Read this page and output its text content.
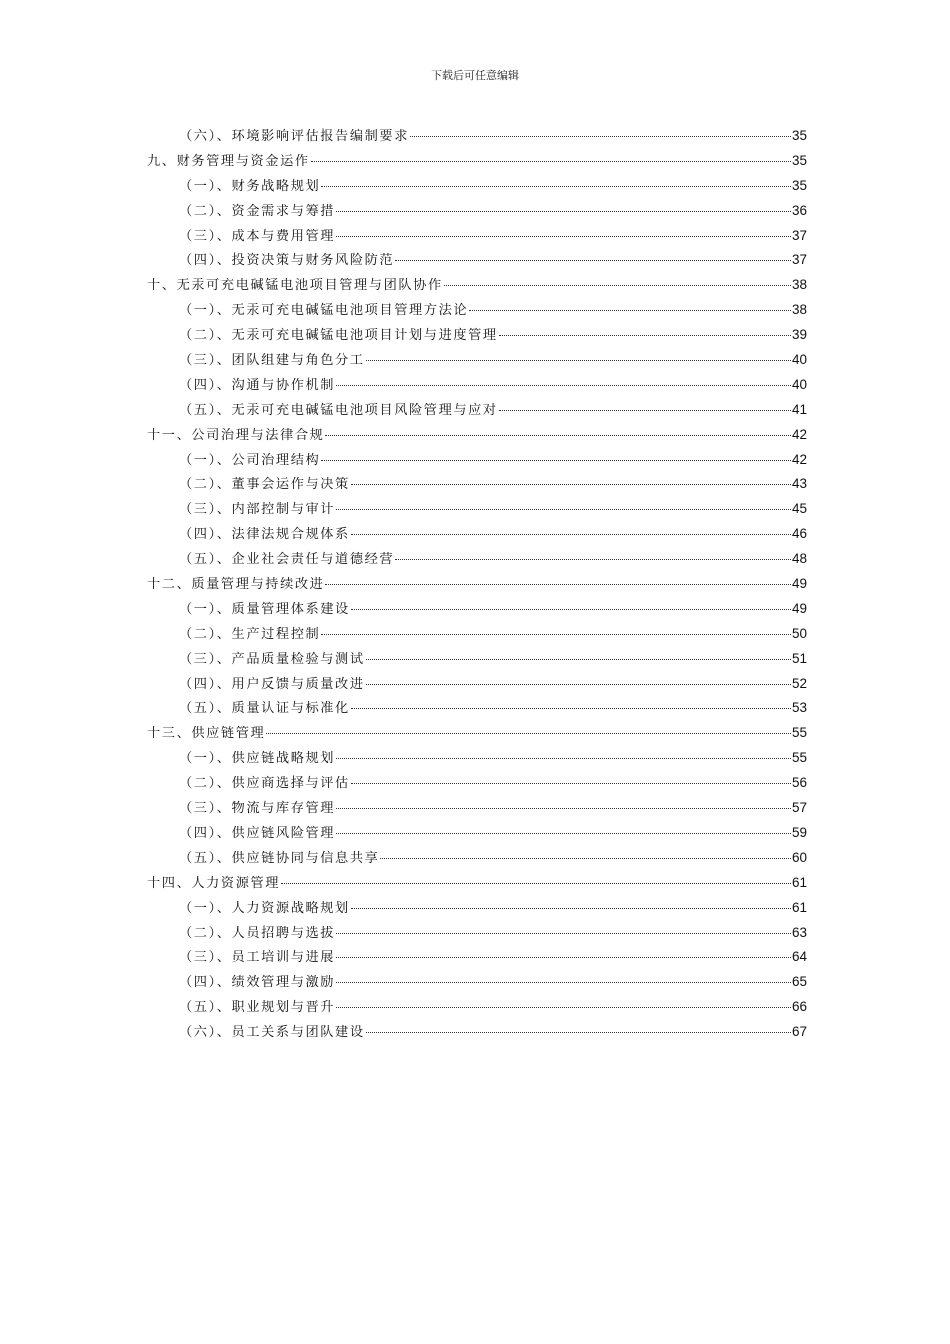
下载后可任意编辑
（六）、环境影响评估报告编制要求	35
九、财务管理与资金运作	35
（一）、财务战略规划	35
（二）、资金需求与筹措	36
（三）、成本与费用管理	37
（四）、投资决策与财务风险防范	37
十、无汞可充电碱锰电池项目管理与团队协作	38
（一）、无汞可充电碱锰电池项目管理方法论	38
（二）、无汞可充电碱锰电池项目计划与进度管理	39
（三）、团队组建与角色分工	40
（四）、沟通与协作机制	40
（五）、无汞可充电碱锰电池项目风险管理与应对	41
十一、公司治理与法律合规	42
（一）、公司治理结构	42
（二）、董事会运作与决策	43
（三）、内部控制与审计	45
（四）、法律法规合规体系	46
（五）、企业社会责任与道德经营	48
十二、质量管理与持续改进	49
（一）、质量管理体系建设	49
（二）、生产过程控制	50
（三）、产品质量检验与测试	51
（四）、用户反馈与质量改进	52
（五）、质量认证与标准化	53
十三、供应链管理	55
（一）、供应链战略规划	55
（二）、供应商选择与评估	56
（三）、物流与库存管理	57
（四）、供应链风险管理	59
（五）、供应链协同与信息共享	60
十四、人力资源管理	61
（一）、人力资源战略规划	61
（二）、人员招聘与选拔	63
（三）、员工培训与进展	64
（四）、绩效管理与激励	65
（五）、职业规划与晋升	66
（六）、员工关系与团队建设	67
